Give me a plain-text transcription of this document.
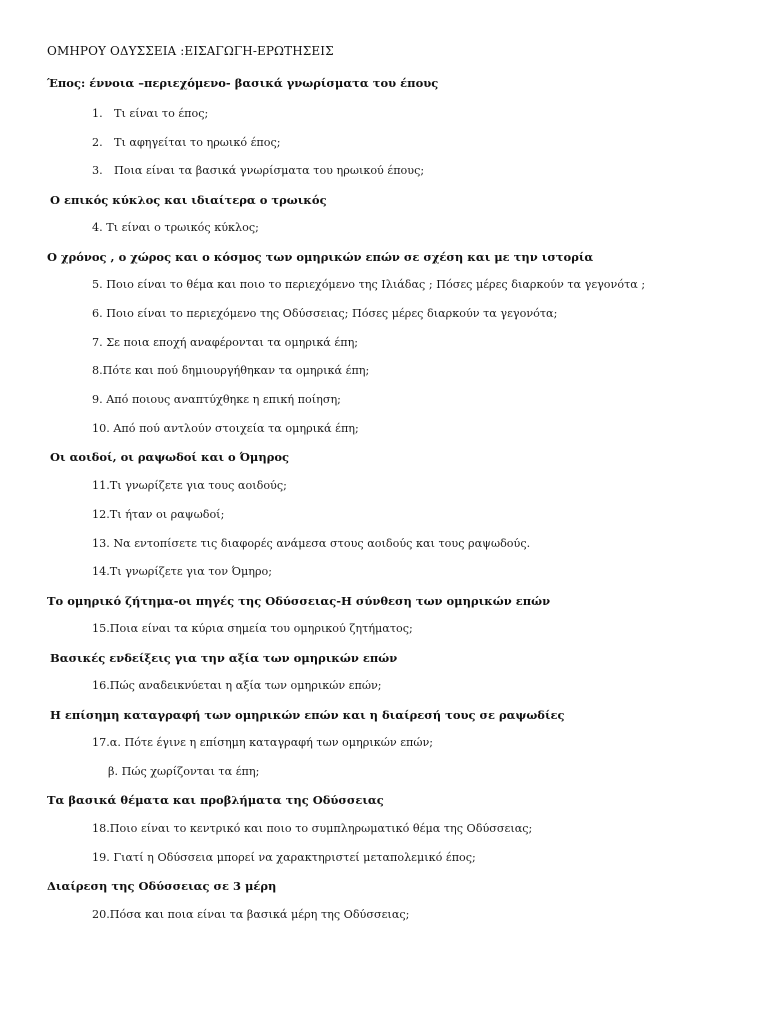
ΟΜΗΡΟΥ ΟΔΥΣΣΕΙΑ :ΕΙΣΑΓΩΓΗ-ΕΡΩΤΗΣΕΙΣ
Έπος: έννοια –περιεχόμενο- βασικά γνωρίσματα του έπους
1. Τι είναι το έπος;
2. Τι αφηγείται το ηρωικό έπος;
3. Ποια είναι τα βασικά γνωρίσματα του ηρωικού έπους;
Ο επικός κύκλος και ιδιαίτερα ο τρωικός
4. Τι είναι ο τρωικός κύκλος;
Ο χρόνος , ο χώρος και ο κόσμος των ομηρικών επών σε σχέση και με την ιστορία
5. Ποιο είναι το θέμα και ποιο το περιεχόμενο της Ιλιάδας ; Πόσες μέρες διαρκούν τα γεγονότα ;
6. Ποιο είναι το περιεχόμενο της Οδύσσειας; Πόσες μέρες διαρκούν τα γεγονότα;
7. Σε ποια εποχή αναφέρονται τα ομηρικά έπη;
8.Πότε και πού δημιουργήθηκαν τα ομηρικά έπη;
9. Από ποιους αναπτύχθηκε η επική ποίηση;
10. Από πού αντλούν στοιχεία τα ομηρικά έπη;
Οι αοιδοί, οι ραψωδοί και ο Όμηρος
11.Τι γνωρίζετε για τους αοιδούς;
12.Τι ήταν οι ραψωδοί;
13. Να εντοπίσετε τις διαφορές ανάμεσα στους αοιδούς και τους ραψωδούς.
14.Τι γνωρίζετε για τον Όμηρο;
Το ομηρικό ζήτημα-οι πηγές της Οδύσσειας-Η σύνθεση των ομηρικών επών
15.Ποια είναι τα κύρια σημεία του ομηρικού ζητήματος;
Βασικές ενδείξεις για την αξία των ομηρικών επών
16.Πώς αναδεικνύεται η αξία των ομηρικών επών;
Η επίσημη καταγραφή των ομηρικών επών και η διαίρεσή τους σε ραψωδίες
17.α. Πότε έγινε η επίσημη καταγραφή των ομηρικών επών;
β. Πώς χωρίζονται τα έπη;
Τα βασικά θέματα και προβλήματα της Οδύσσειας
18.Ποιο είναι το κεντρικό και ποιο το συμπληρωματικό θέμα της Οδύσσειας;
19. Γιατί η Οδύσσεια μπορεί να χαρακτηριστεί μεταπολεμικό έπος;
Διαίρεση της Οδύσσειας σε 3 μέρη
20.Πόσα και ποια είναι τα βασικά μέρη της Οδύσσειας;
